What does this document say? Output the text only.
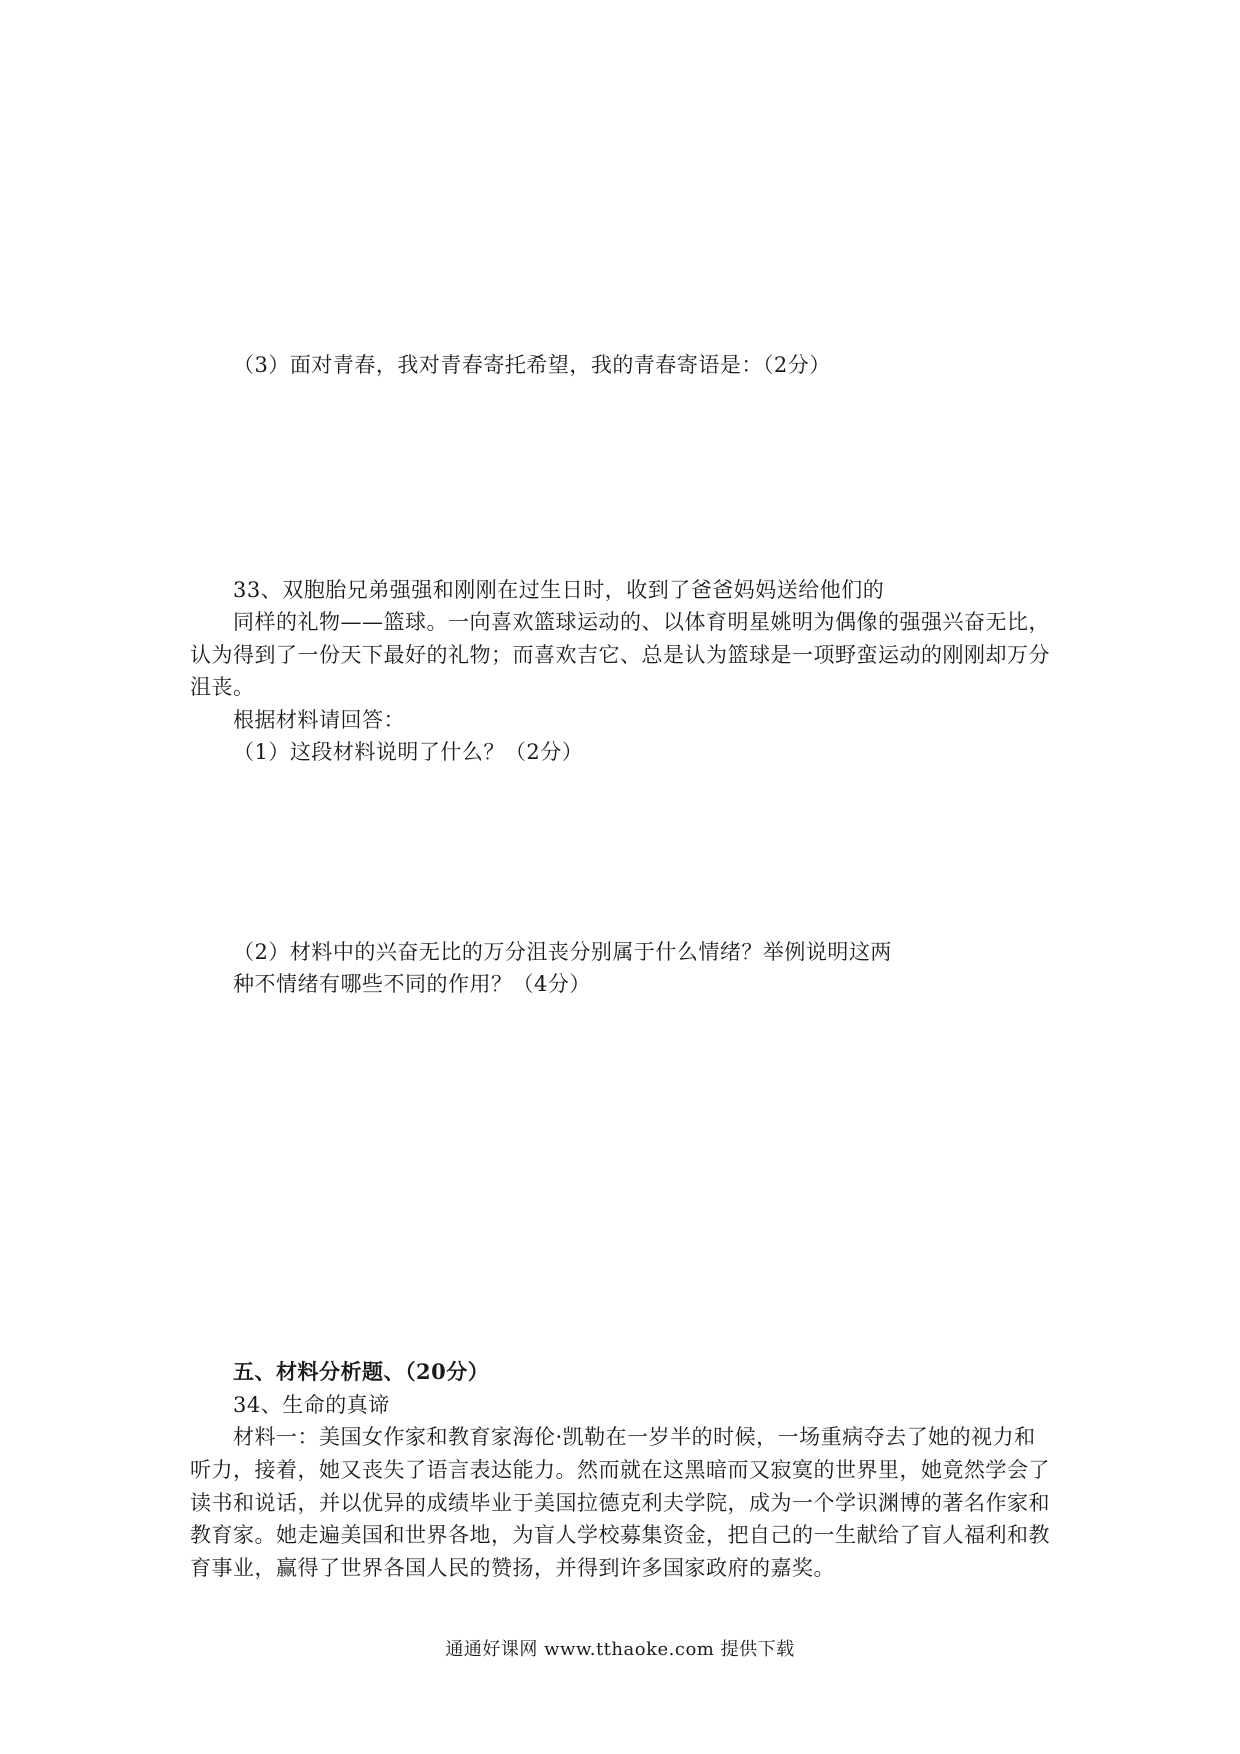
（3）面对青春，我对青春寄托希望，我的青春寄语是：（2分）
33、双胞胎兄弟强强和刚刚在过生日时，收到了爸爸妈妈送给他们的
同样的礼物——篮球。一向喜欢篮球运动的、以体育明星姚明为偶像的强强兴奋无比，
认为得到了一份天下最好的礼物；而喜欢吉它、总是认为篮球是一项野蛮运动的刚刚却万分
沮丧。
根据材料请回答：
（1）这段材料说明了什么？（2分）
（2）材料中的兴奋无比的万分沮丧分别属于什么情绪？举例说明这两
种不情绪有哪些不同的作用？（4分）
五、材料分析题、（20分）
34、生命的真谛
材料一：美国女作家和教育家海伦·凯勒在一岁半的时候，一场重病夺去了她的视力和
听力，接着，她又丧失了语言表达能力。然而就在这黑暗而又寂寞的世界里，她竟然学会了
读书和说话，并以优异的成绩毕业于美国拉德克利夫学院，成为一个学识渊博的著名作家和
教育家。她走遍美国和世界各地，为盲人学校募集资金，把自己的一生献给了盲人福利和教
育事业，赢得了世界各国人民的赞扬，并得到许多国家政府的嘉奖。
通通好课网 www.tthaoke.com 提供下载
